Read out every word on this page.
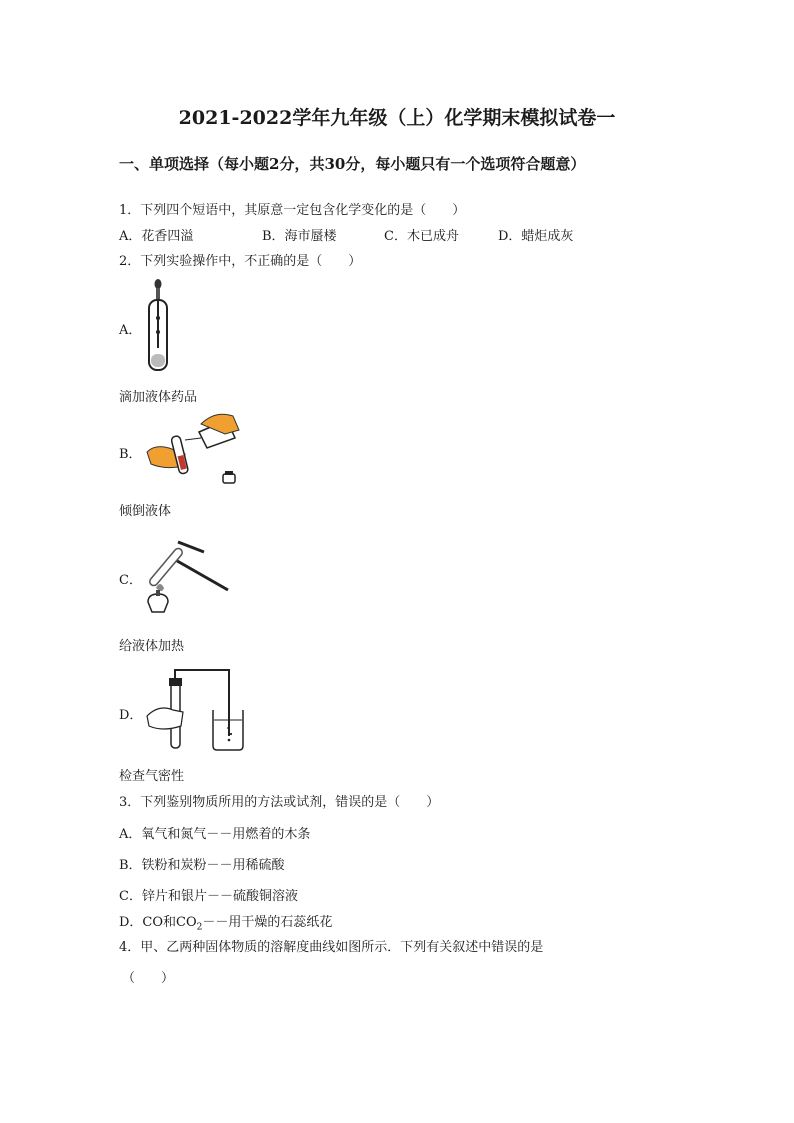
2021-2022学年九年级（上）化学期末模拟试卷一
一、单项选择（每小题2分，共30分，每小题只有一个选项符合题意）
1．下列四个短语中，其原意一定包含化学变化的是（　　）
A．花香四溢	B．海市蜃楼	C．木已成舟	D．蜡炬成灰
2．下列实验操作中，不正确的是（　　）
A．
滴加液体药品
B．
倾倒液体
C．
给液体加热
D．
检查气密性
3．下列鉴别物质所用的方法或试剂，错误的是（　　）
A．氧气和氮气－－用燃着的木条
B．铁粉和炭粉－－用稀硫酸
C．锌片和银片－－硫酸铜溶液
D．CO和$CO_2--$用干燥的石蕊纸花
4．甲、乙两种固体物质的溶解度曲线如图所示．下列有关叙述中错误的是
（　　）
